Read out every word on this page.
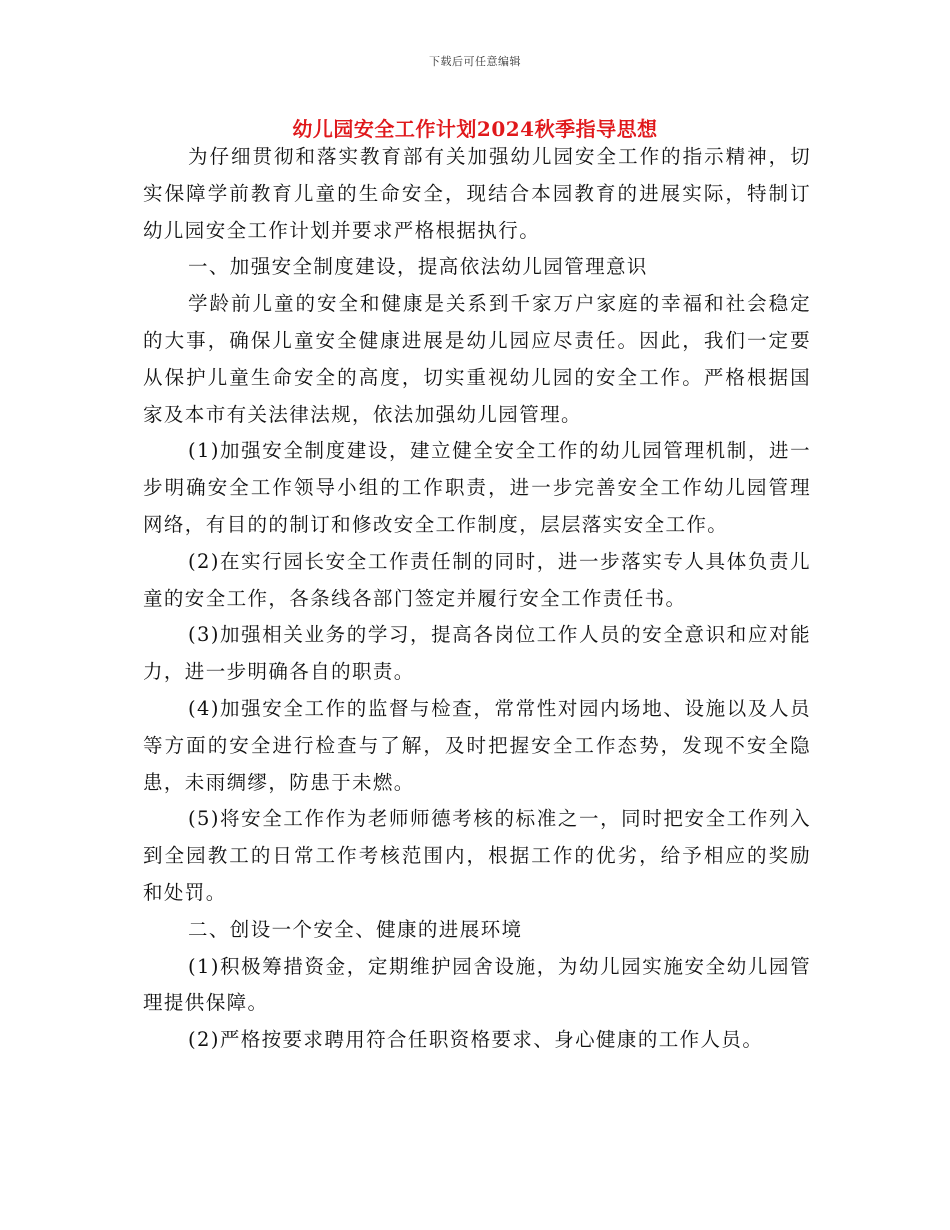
下载后可任意编辑
幼儿园安全工作计划2024秋季指导思想

为仔细贯彻和落实教育部有关加强幼儿园安全工作的指示精神，切实保障学前教育儿童的生命安全，现结合本园教育的进展实际，特制订幼儿园安全工作计划并要求严格根据执行。

一、加强安全制度建设，提高依法幼儿园管理意识

学龄前儿童的安全和健康是关系到千家万户家庭的幸福和社会稳定的大事，确保儿童安全健康进展是幼儿园应尽责任。因此，我们一定要从保护儿童生命安全的高度，切实重视幼儿园的安全工作。严格根据国家及本市有关法律法规，依法加强幼儿园管理。

(1)加强安全制度建设，建立健全安全工作的幼儿园管理机制，进一步明确安全工作领导小组的工作职责，进一步完善安全工作幼儿园管理网络，有目的的制订和修改安全工作制度，层层落实安全工作。

(2)在实行园长安全工作责任制的同时，进一步落实专人具体负责儿童的安全工作，各条线各部门签定并履行安全工作责任书。

(3)加强相关业务的学习，提高各岗位工作人员的安全意识和应对能力，进一步明确各自的职责。

(4)加强安全工作的监督与检查，常常性对园内场地、设施以及人员等方面的安全进行检查与了解，及时把握安全工作态势，发现不安全隐患，未雨绸缪，防患于未燃。

(5)将安全工作作为老师师德考核的标准之一，同时把安全工作列入到全园教工的日常工作考核范围内，根据工作的优劣，给予相应的奖励和处罚。

二、创设一个安全、健康的进展环境

(1)积极筹措资金，定期维护园舍设施，为幼儿园实施安全幼儿园管理提供保障。

(2)严格按要求聘用符合任职资格要求、身心健康的工作人员。
